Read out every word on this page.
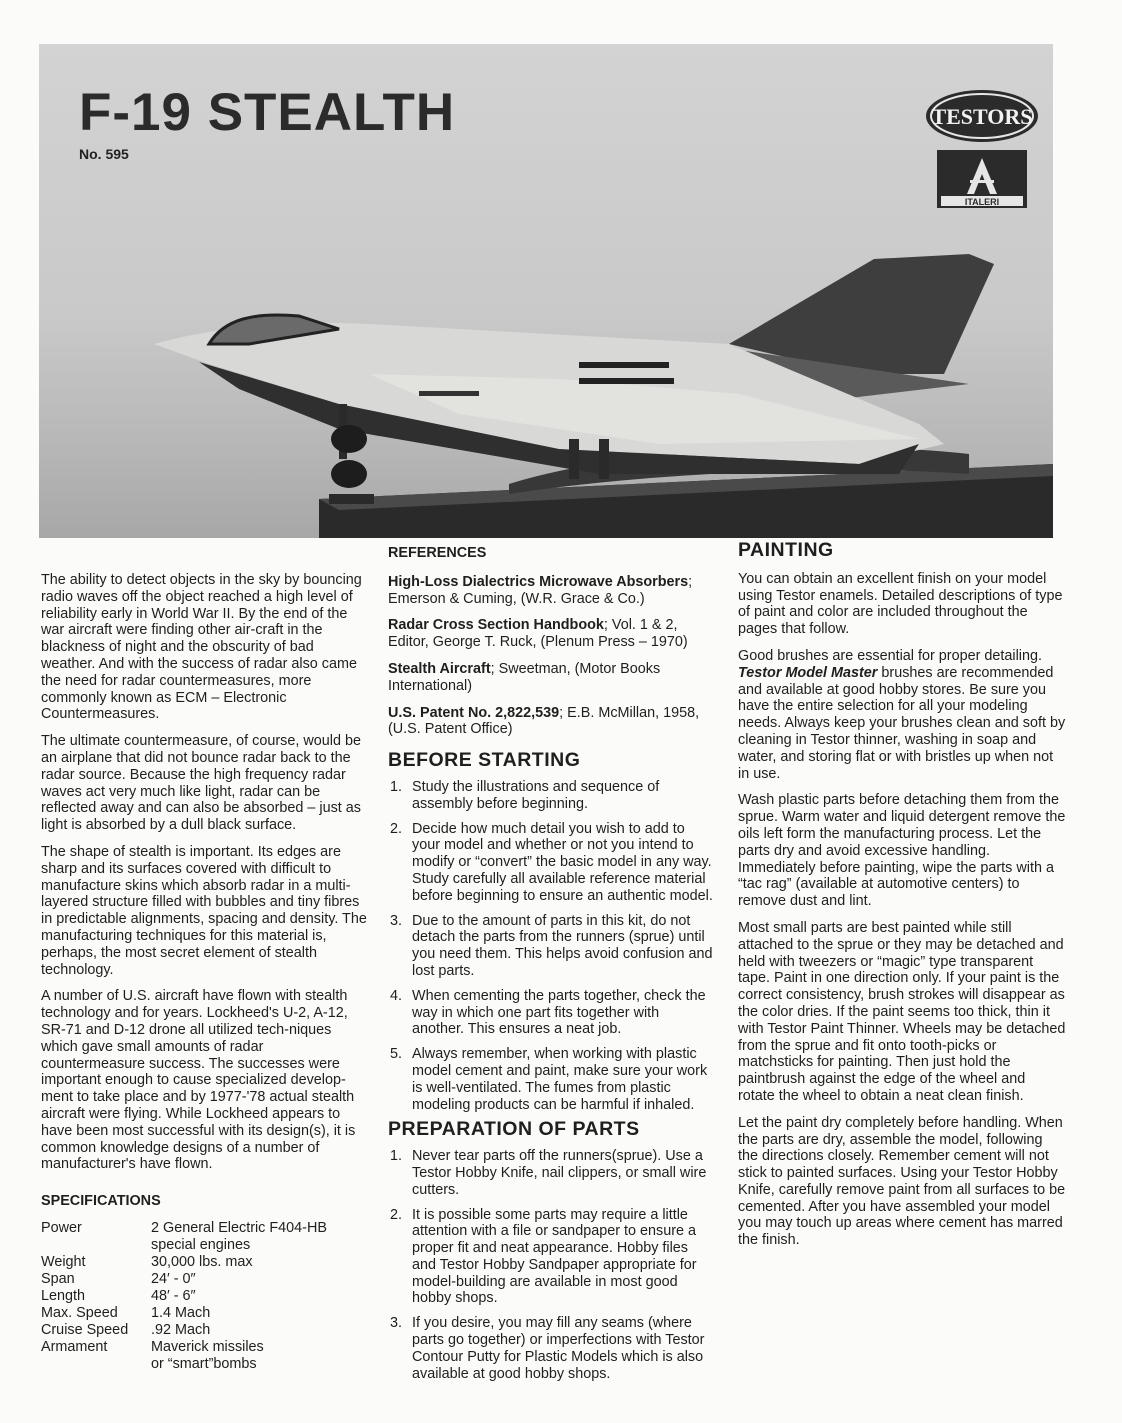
F-19 STEALTH
No. 595
TESTORS
ITALERI

The ability to detect objects in the sky by bouncing radio waves off the object reached a high level of reliability early in World War II. By the end of the war aircraft were finding other air-craft in the blackness of night and the obscurity of bad weather. And with the success of radar also came the need for radar countermeasures, more commonly known as ECM – Electronic Countermeasures.

The ultimate countermeasure, of course, would be an airplane that did not bounce radar back to the radar source. Because the high frequency radar waves act very much like light, radar can be reflected away and can also be absorbed – just as light is absorbed by a dull black surface.

The shape of stealth is important. Its edges are sharp and its surfaces covered with difficult to manufacture skins which absorb radar in a multi-layered structure filled with bubbles and tiny fibres in predictable alignments, spacing and density. The manufacturing techniques for this material is, perhaps, the most secret element of stealth technology.

A number of U.S. aircraft have flown with stealth technology and for years. Lockheed's U-2, A-12, SR-71 and D-12 drone all utilized tech-niques which gave small amounts of radar countermeasure success. The successes were important enough to cause specialized develop-ment to take place and by 1977-'78 actual stealth aircraft were flying. While Lockheed appears to have been most successful with its design(s), it is common knowledge designs of a number of manufacturer's have flown.

SPECIFICATIONS
Power	2 General Electric F404-HB
special engines
Weight	30,000 lbs. max
Span	24′ - 0″
Length	48′ - 6″
Max. Speed	1.4 Mach
Cruise Speed	.92 Mach
Armament	Maverick missiles
or “smart”bombs
REFERENCES

High-Loss Dialectrics Microwave Absorbers; Emerson & Cuming, (W.R. Grace & Co.)

Radar Cross Section Handbook; Vol. 1 & 2, Editor, George T. Ruck, (Plenum Press – 1970)

Stealth Aircraft; Sweetman, (Motor Books International)

U.S. Patent No. 2,822,539; E.B. McMillan, 1958, (U.S. Patent Office)

BEFORE STARTING
1. Study the illustrations and sequence of assembly before beginning.
2. Decide how much detail you wish to add to your model and whether or not you intend to modify or “convert” the basic model in any way. Study carefully all available reference material before beginning to ensure an authentic model.
3. Due to the amount of parts in this kit, do not detach the parts from the runners (sprue) until you need them. This helps avoid confusion and lost parts.
4. When cementing the parts together, check the way in which one part fits together with another. This ensures a neat job.
5. Always remember, when working with plastic model cement and paint, make sure your work is well-ventilated. The fumes from plastic modeling products can be harmful if inhaled.
PREPARATION OF PARTS
1. Never tear parts off the runners(sprue). Use a Testor Hobby Knife, nail clippers, or small wire cutters.
2. It is possible some parts may require a little attention with a file or sandpaper to ensure a proper fit and neat appearance. Hobby files and Testor Hobby Sandpaper appropriate for model-building are available in most good hobby shops.
3. If you desire, you may fill any seams (where parts go together) or imperfections with Testor Contour Putty for Plastic Models which is also available at good hobby shops.
PAINTING

You can obtain an excellent finish on your model using Testor enamels. Detailed descriptions of type of paint and color are included throughout the pages that follow.

Good brushes are essential for proper detailing. Testor Model Master brushes are recommended and available at good hobby stores. Be sure you have the entire selection for all your modeling needs. Always keep your brushes clean and soft by cleaning in Testor thinner, washing in soap and water, and storing flat or with bristles up when not in use.

Wash plastic parts before detaching them from the sprue. Warm water and liquid detergent remove the oils left form the manufacturing process. Let the parts dry and avoid excessive handling. Immediately before painting, wipe the parts with a “tac rag” (available at automotive centers) to remove dust and lint.

Most small parts are best painted while still attached to the sprue or they may be detached and held with tweezers or “magic” type transparent tape. Paint in one direction only. If your paint is the correct consistency, brush strokes will disappear as the color dries. If the paint seems too thick, thin it with Testor Paint Thinner. Wheels may be detached from the sprue and fit onto tooth-picks or matchsticks for painting. Then just hold the paintbrush against the edge of the wheel and rotate the wheel to obtain a neat clean finish.

Let the paint dry completely before handling. When the parts are dry, assemble the model, following the directions closely. Remember cement will not stick to painted surfaces. Using your Testor Hobby Knife, carefully remove paint from all surfaces to be cemented. After you have assembled your model you may touch up areas where cement has marred the finish.
